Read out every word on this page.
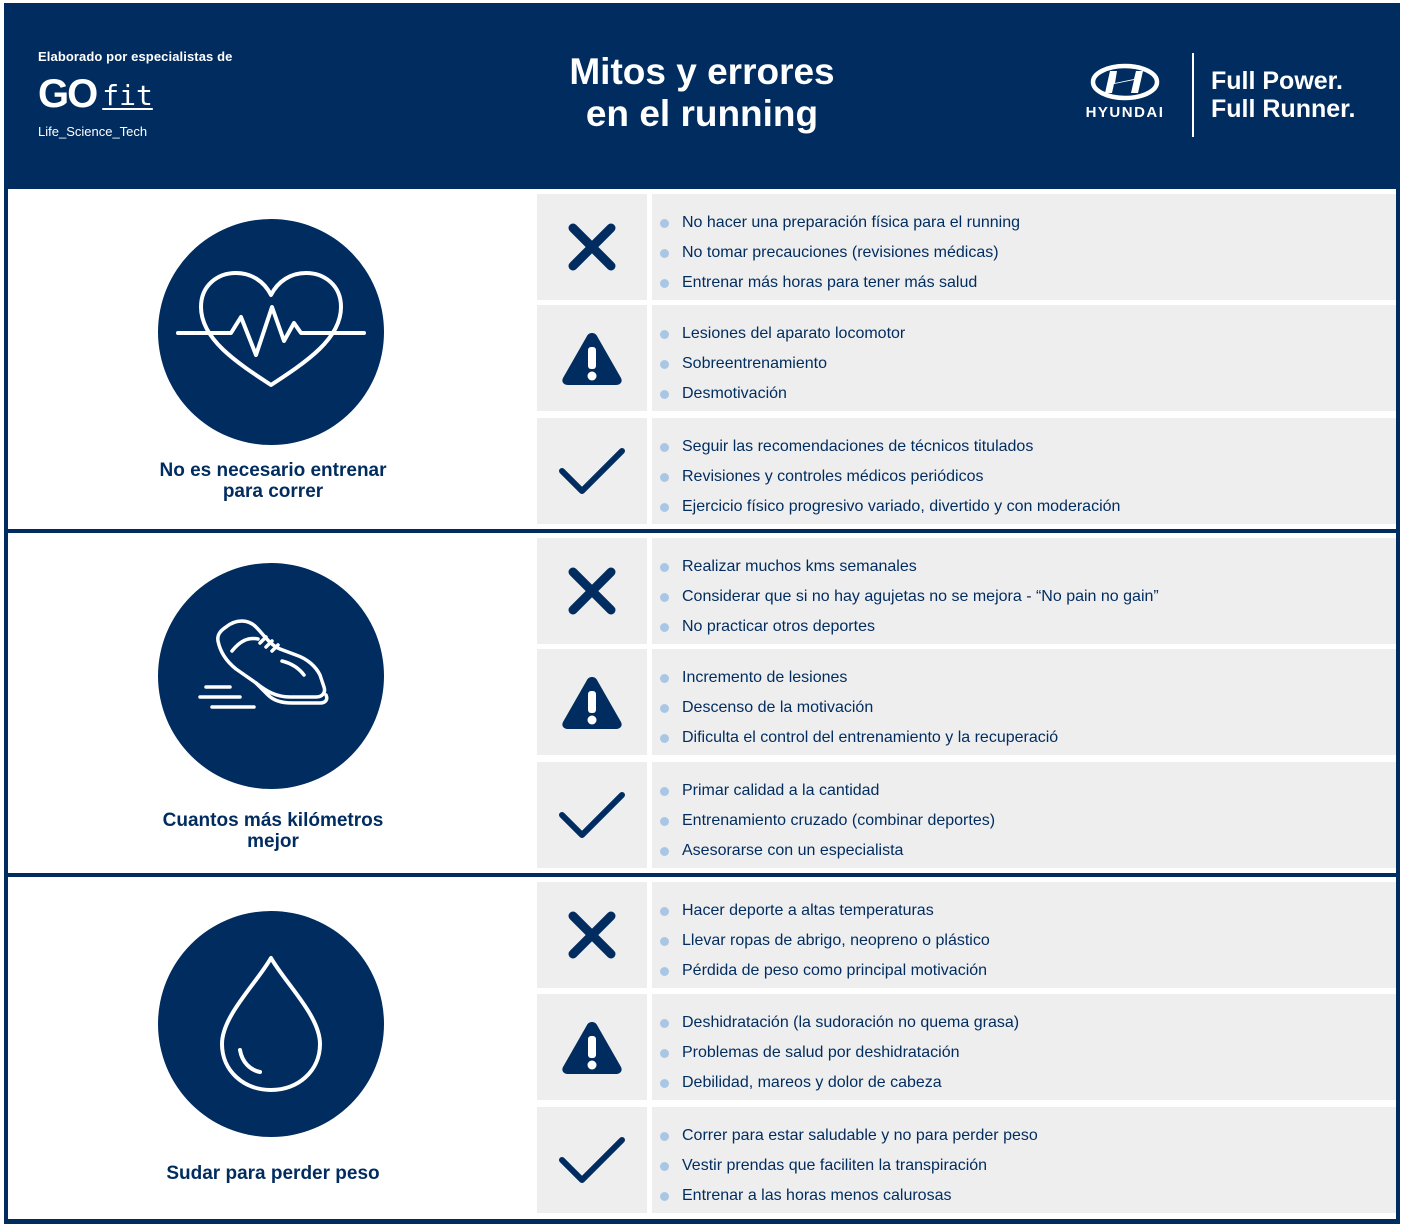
Elaborado por especialistas de
GO fit
Life_Science_Tech
Mitos y errores
en el running	HYUNDAI
Full Power.
Full Runner.
No es necesario entrenar
para correr
No hacer una preparación física para el running
No tomar precauciones (revisiones médicas)
Entrenar más horas para tener más salud
Lesiones del aparato locomotor
Sobreentrenamiento
Desmotivación
Seguir las recomendaciones de técnicos titulados
Revisiones y controles médicos periódicos
Ejercicio físico progresivo variado, divertido y con moderación
Cuantos más kilómetros
mejor
Realizar muchos kms semanales
Considerar que si no hay agujetas no se mejora - “No pain no gain”
No practicar otros deportes
Incremento de lesiones
Descenso de la motivación
Dificulta el control del entrenamiento y la recuperació
Primar calidad a la cantidad
Entrenamiento cruzado (combinar deportes)
Asesorarse con un especialista
Sudar para perder peso
Hacer deporte a altas temperaturas
Llevar ropas de abrigo, neopreno o plástico
Pérdida de peso como principal motivación
Deshidratación (la sudoración no quema grasa)
Problemas de salud por deshidratación
Debilidad, mareos y dolor de cabeza
Correr para estar saludable y no para perder peso
Vestir prendas que faciliten la transpiración
Entrenar a las horas menos calurosas
